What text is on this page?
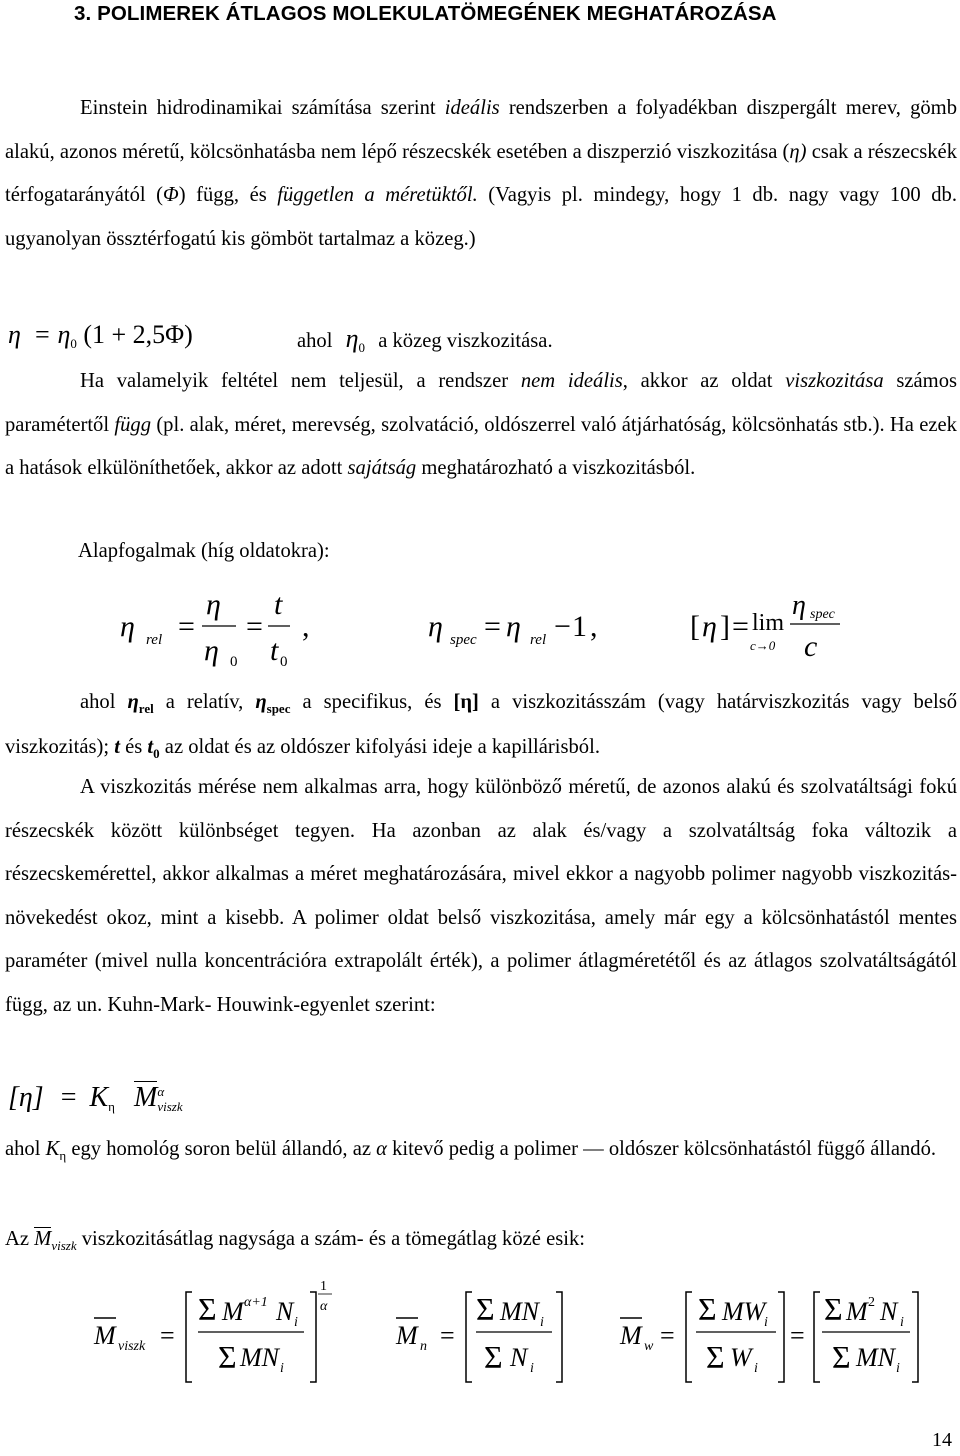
3. POLIMEREK ÁTLAGOS MOLEKULATÖMEGÉNEK MEGHATÁROZÁSA

Einstein hidrodinamikai számítása szerint ideális rendszerben a folyadékban diszpergált merev, gömb alakú, azonos méretű, kölcsönhatásba nem lépő részecskék esetében a diszperzió viszkozitása (η) csak a részecskék térfogatarányától (Φ) függ, és független a méretüktől. (Vagyis pl. mindegy, hogy 1 db. nagy vagy 100 db. ugyanolyan össztérfogatú kis gömböt tartalmaz a közeg.)

η = η0 (1 + 2,5Φ)	ahol $\eta_0$ a közeg viszkozitása.

Ha valamelyik feltétel nem teljesül, a rendszer nem ideális, akkor az oldat viszkozitása számos paramétertől függ (pl. alak, méret, merevség, szolvatáció, oldószerrel való átjárhatóság, kölcsönhatás stb.). Ha ezek a hatások elkülöníthetőek, akkor az adott sajátság meghatározható a viszkozitásból.

Alapfogalmak (híg oldatokra):
η rel =
η
η 0
=
t
t 0
,	η spec = η rel − 1 ,	[ η ] = lim
c→0
η spec
c

ahol $\eta_{rel}$ a relatív, $\eta_{spec}$ a specifikus, és [η] a viszkozitásszám (vagy határviszkozitás vagy belső viszkozitás); t és $t_0$ az oldat és az oldószer kifolyási ideje a kapillárisból.

A viszkozitás mérése nem alkalmas arra, hogy különböző méretű, de azonos alakú és szolvatáltsági fokú részecskék között különbséget tegyen. Ha azonban az alak és/vagy a szolvatáltság foka változik a részecskemérettel, akkor alkalmas a méret meghatározására, mivel ekkor a nagyobb polimer nagyobb viszkozitás-növekedést okoz, mint a kisebb. A polimer oldat belső viszkozitása, amely már egy a kölcsönhatástól mentes paraméter (mivel nulla koncentrációra extrapolált érték), a polimer átlagméretétől és az átlagos szolvatáltságától függ, az un. Kuhn-Mark- Houwink-egyenlet szerint:

[η] = Kη M α
viszk

ahol $K_\eta$ egy homológ soron belül állandó, az α kitevő pedig a polimer — oldószer kölcsönhatástól függő állandó.

Az $M_{viszk}$ viszkozitásátlag nagysága a szám- és a tömegátlag közé esik:
M viszk =
Σ M α+1 N i
Σ MN i
1
α
M n =
Σ MN i
Σ N i
M w =
Σ MW
i
Σ W i
=
Σ M 2 N i
Σ MN i
14
